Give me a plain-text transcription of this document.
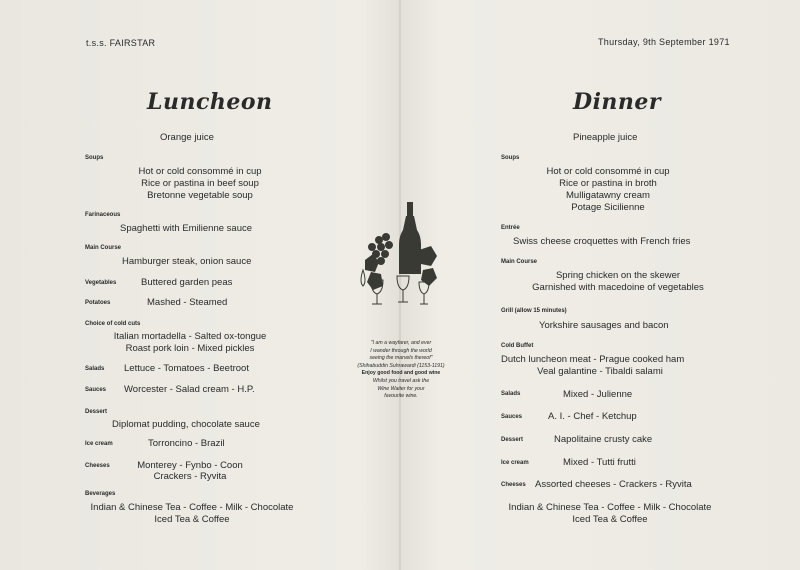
t.s.s. FAIRSTAR	Thursday, 9th September 1971
Luncheon
Orange juice
Soups
Hot or cold consommé in cup
Rice or pastina in beef soup
Bretonne vegetable soup
Farinaceous
Spaghetti with Emilienne sauce
Main Course
Hamburger steak, onion sauce
Vegetables	Buttered garden peas
Potatoes	Mashed - Steamed
Choice of cold cuts
Italian mortadella - Salted ox-tongue
Roast pork loin - Mixed pickles
Salads Lettuce - Tomatoes - Beetroot
Sauces Worcester - Salad cream - H.P.
Dessert
Diplomat pudding, chocolate sauce
Ice cream	Torroncino - Brazil
Cheeses	Monterey - Fynbo - Coon
Crackers - Ryvita
Beverages
Indian & Chinese Tea - Coffee - Milk - Chocolate
Iced Tea & Coffee
"I am a wayfarer, and ever
I wander through the world
seeing the marvels thereof"
(Shihabuddin Suhrawardi (1153-1191)
Enjoy good food and good wine
Whilst you travel ask the
Wine Waiter for your
favourite wine.
Dinner
Pineapple juice
Soups
Hot or cold consommé in cup
Rice or pastina in broth
Mulligatawny cream
Potage Sicilienne
Entrée
Swiss cheese croquettes with French fries
Main Course
Spring chicken on the skewer
Garnished with macedoine of vegetables
Grill (allow 15 minutes)
Yorkshire sausages and bacon
Cold Buffet
Dutch luncheon meat - Prague cooked ham
Veal galantine - Tibaldi salami
Salads	Mixed - Julienne
Sauces	A. I. - Chef - Ketchup
Dessert	Napolitaine crusty cake
Ice cream	Mixed - Tutti frutti
Cheeses Assorted cheeses - Crackers - Ryvita
Indian & Chinese Tea - Coffee - Milk - Chocolate
Iced Tea & Coffee
